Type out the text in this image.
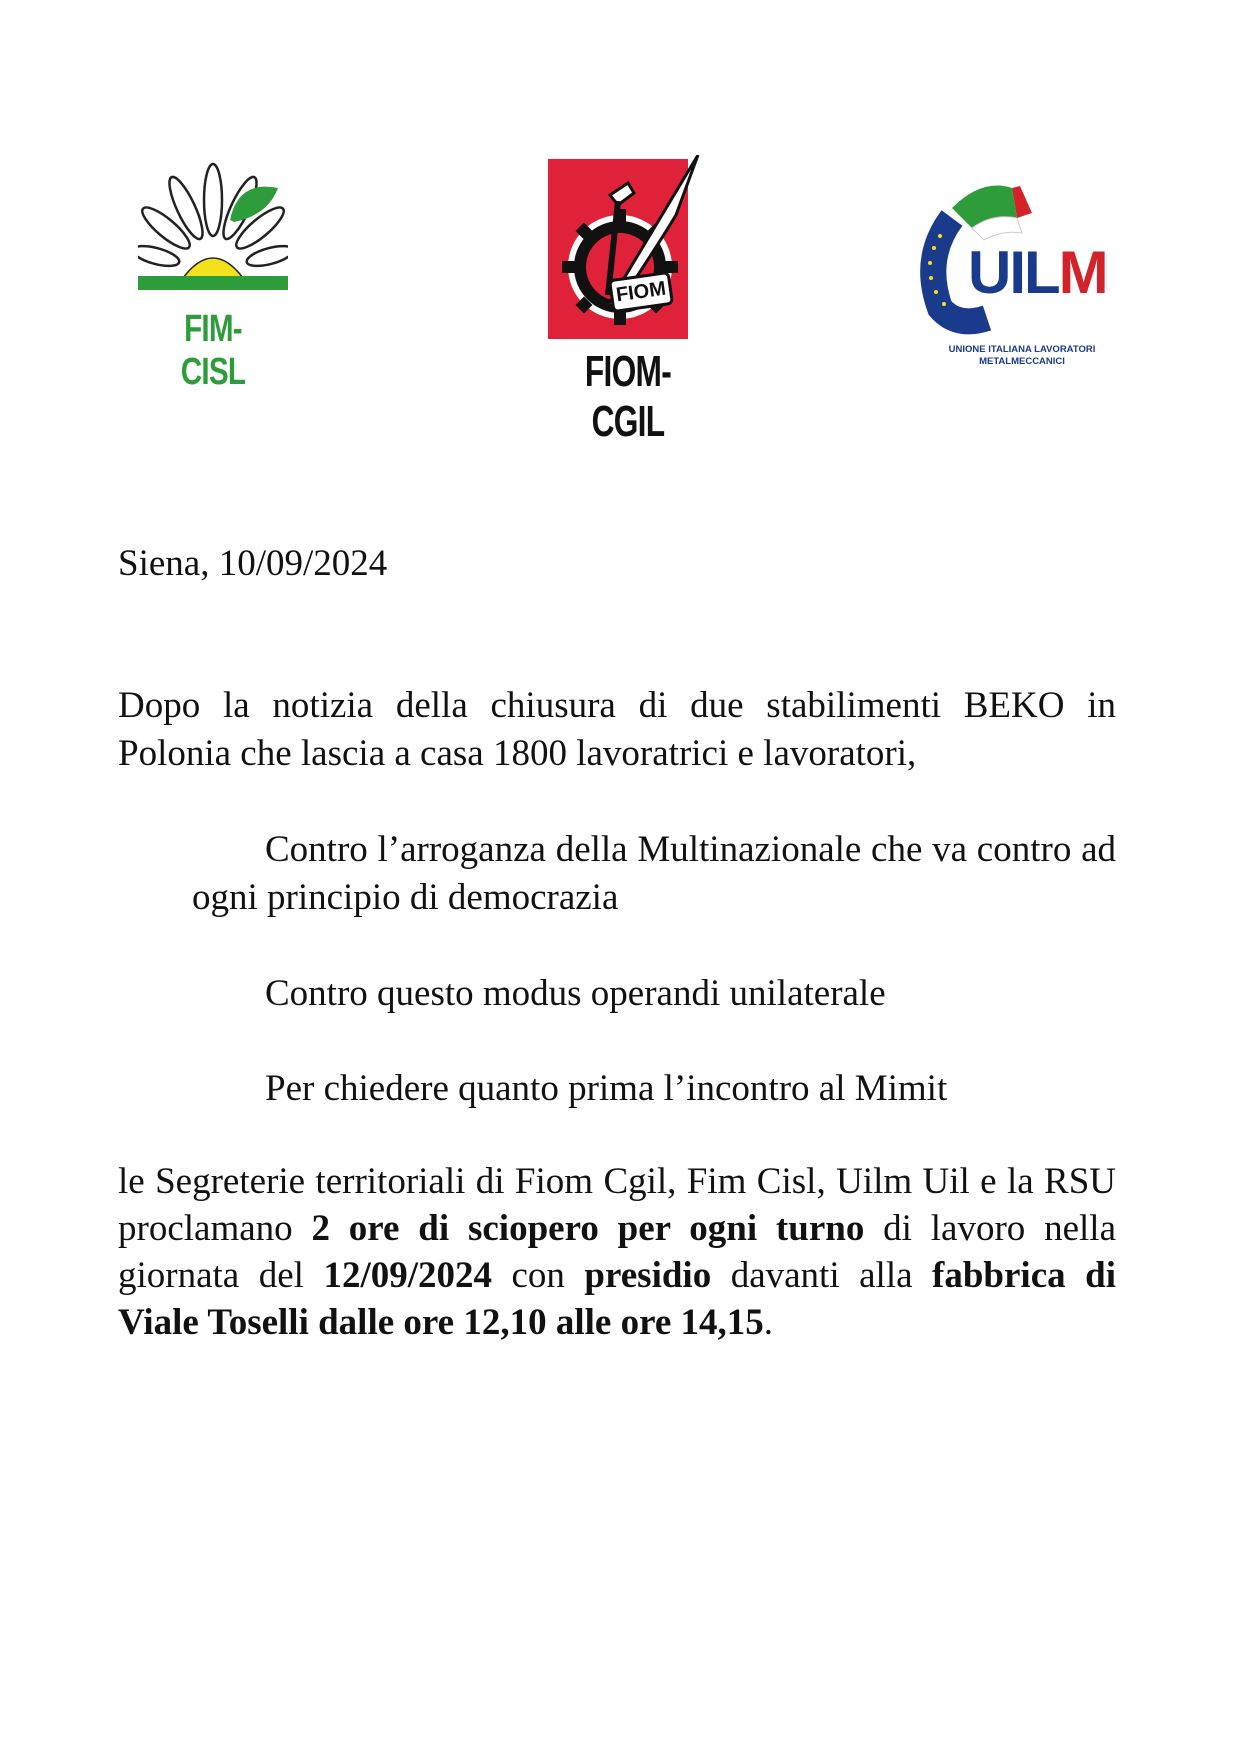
FIM-CISL
FIOM
FIOM-CGIL
UILM
UNIONE ITALIANA LAVORATORI
METALMECCANICI
Siena, 10/09/2024
Dopo la notizia della chiusura di due stabilimenti BEKO in Polonia che lascia a casa 1800 lavoratrici e lavoratori,
Contro l’arroganza della Multinazionale che va contro ad ogni principio di democrazia
Contro questo modus operandi unilaterale
Per chiedere quanto prima l’incontro al Mimit
le Segreterie territoriali di Fiom Cgil, Fim Cisl, Uilm Uil e la RSU proclamano 2 ore di sciopero per ogni turno di lavoro nella giornata del 12/09/2024 con presidio davanti alla fabbrica di Viale Toselli dalle ore 12,10 alle ore 14,15.
